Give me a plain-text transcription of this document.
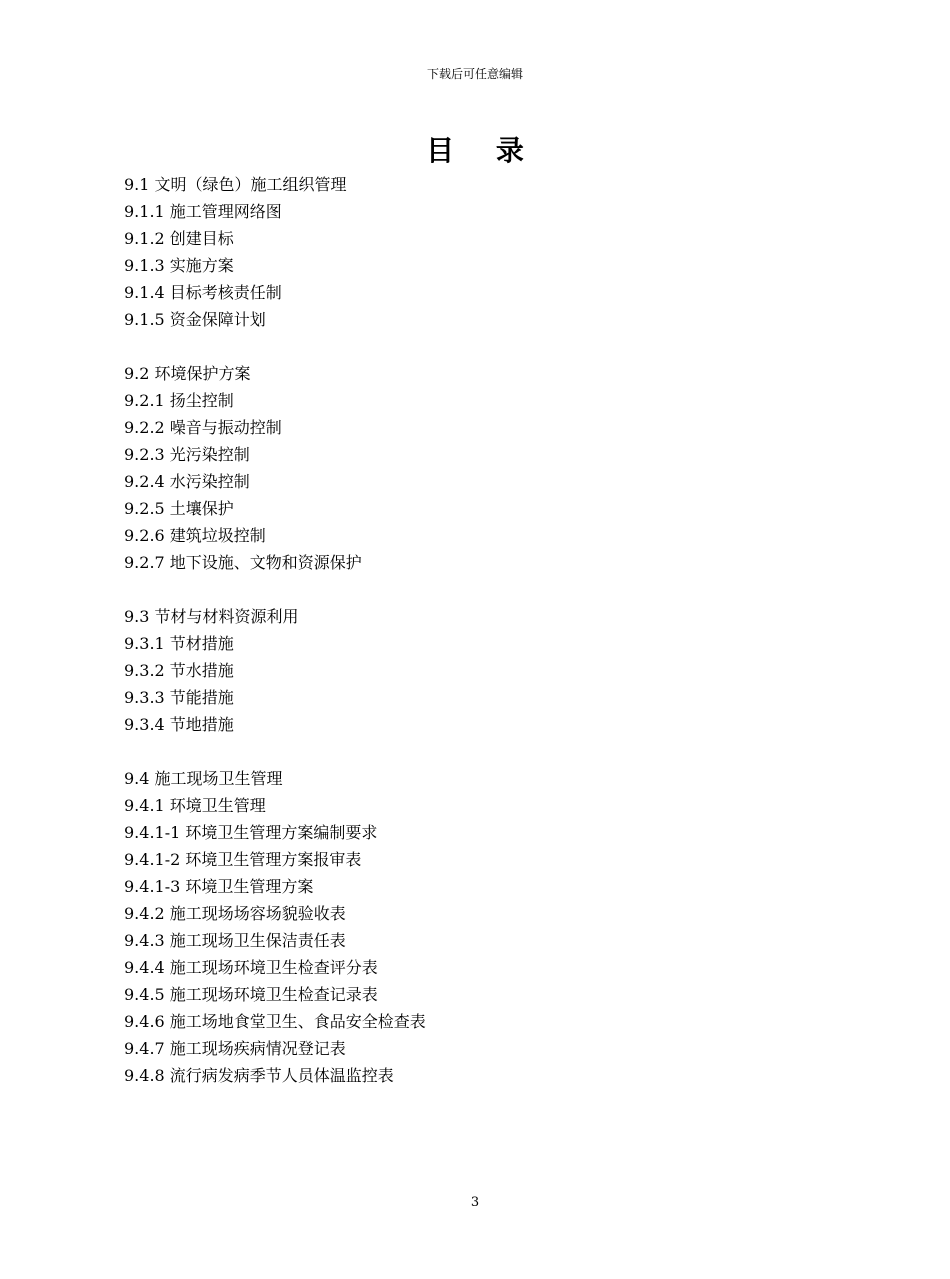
下载后可任意编辑
目 录
9.1 文明（绿色）施工组织管理
9.1.1 施工管理网络图
9.1.2 创建目标
9.1.3 实施方案
9.1.4 目标考核责任制
9.1.5 资金保障计划
9.2 环境保护方案
9.2.1 扬尘控制
9.2.2 噪音与振动控制
9.2.3 光污染控制
9.2.4 水污染控制
9.2.5 土壤保护
9.2.6 建筑垃圾控制
9.2.7 地下设施、文物和资源保护
9.3 节材与材料资源利用
9.3.1 节材措施
9.3.2 节水措施
9.3.3 节能措施
9.3.4 节地措施
9.4 施工现场卫生管理
9.4.1 环境卫生管理
9.4.1-1 环境卫生管理方案编制要求
9.4.1-2 环境卫生管理方案报审表
9.4.1-3 环境卫生管理方案
9.4.2 施工现场场容场貌验收表
9.4.3 施工现场卫生保洁责任表
9.4.4 施工现场环境卫生检查评分表
9.4.5 施工现场环境卫生检查记录表
9.4.6 施工场地食堂卫生、食品安全检查表
9.4.7 施工现场疾病情况登记表
9.4.8 流行病发病季节人员体温监控表
3
